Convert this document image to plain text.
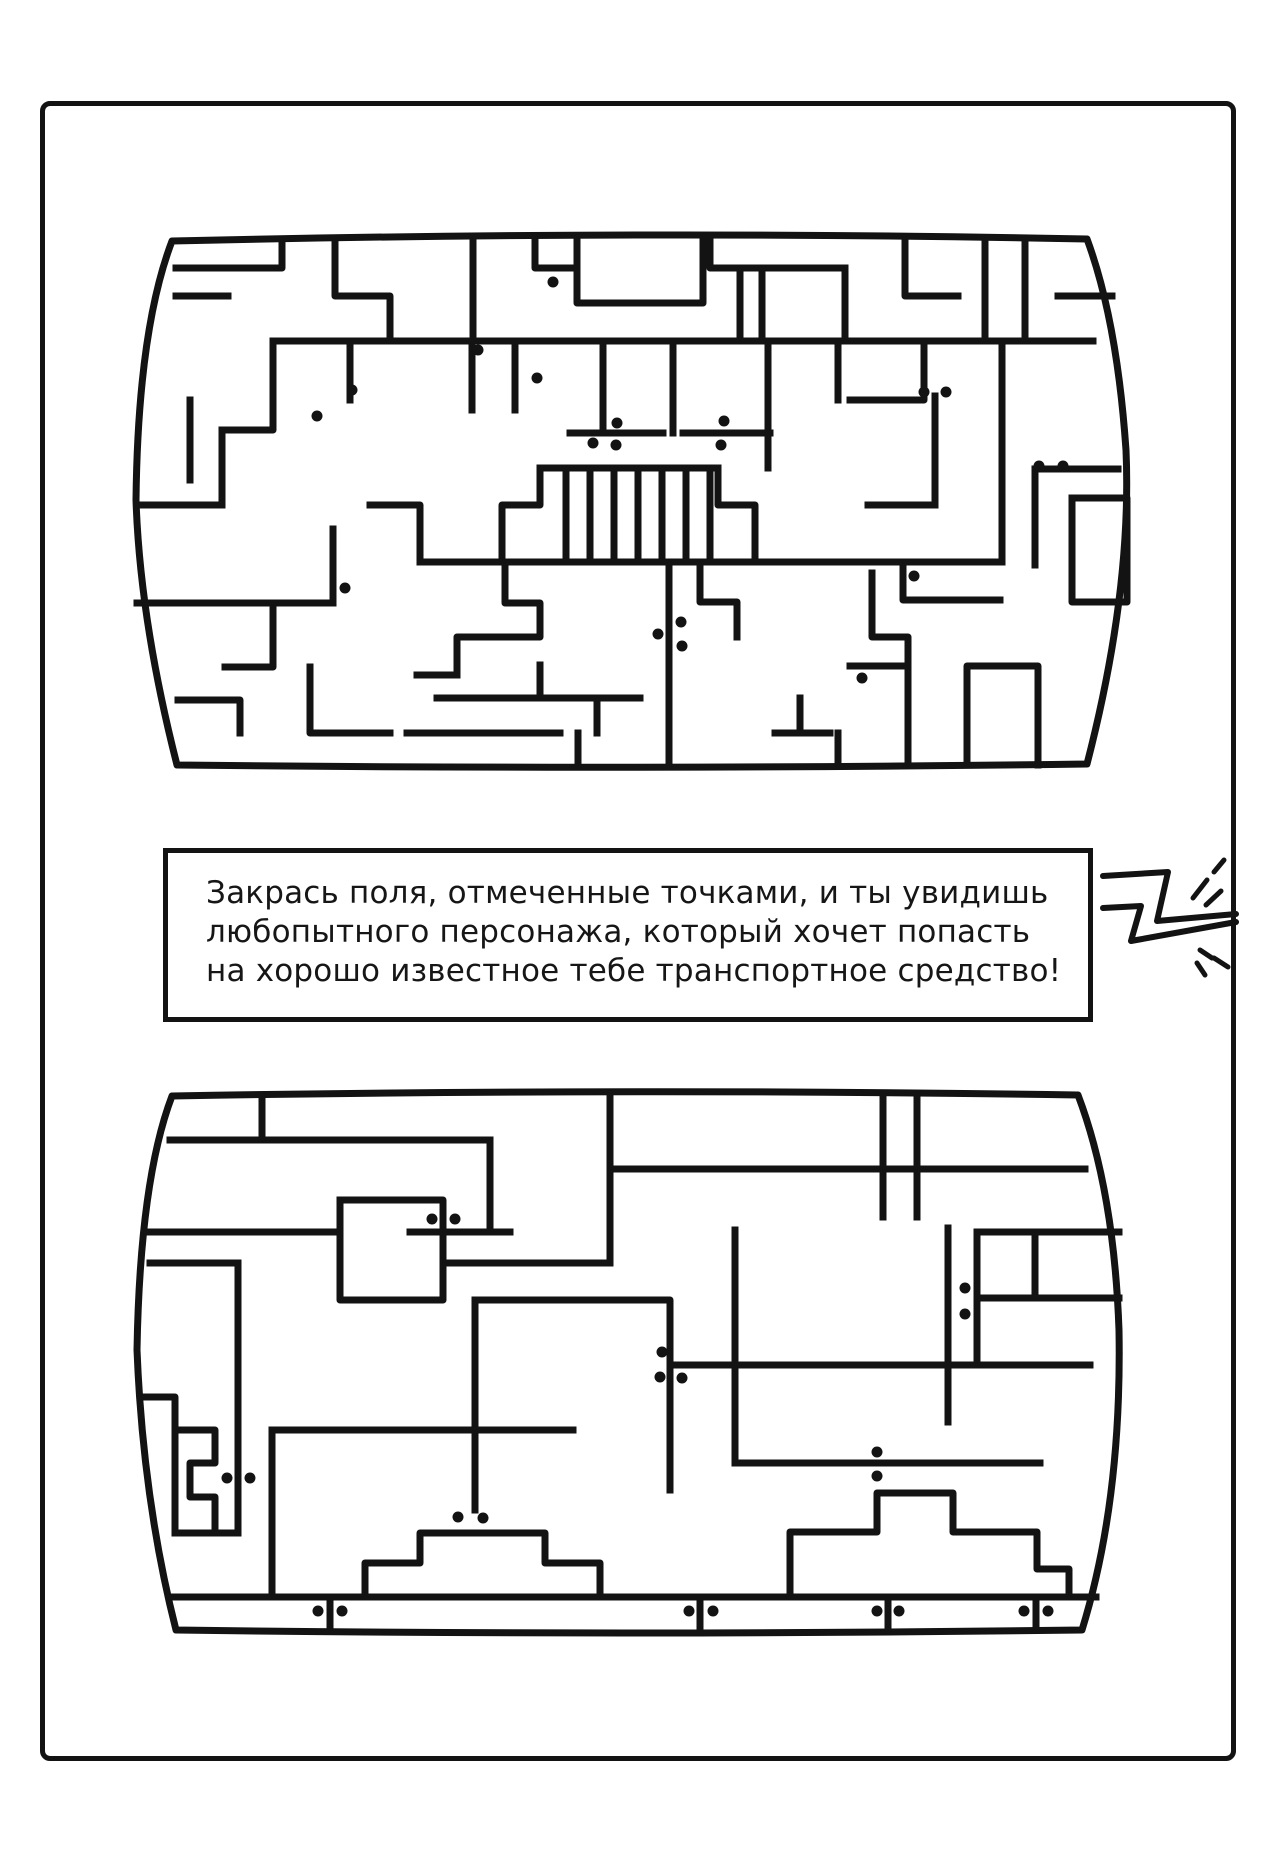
Закрась поля, отмеченные точками, и ты увидишь
любопытного персонажа, который хочет попасть
на хорошо известное тебе транспортное средство!
